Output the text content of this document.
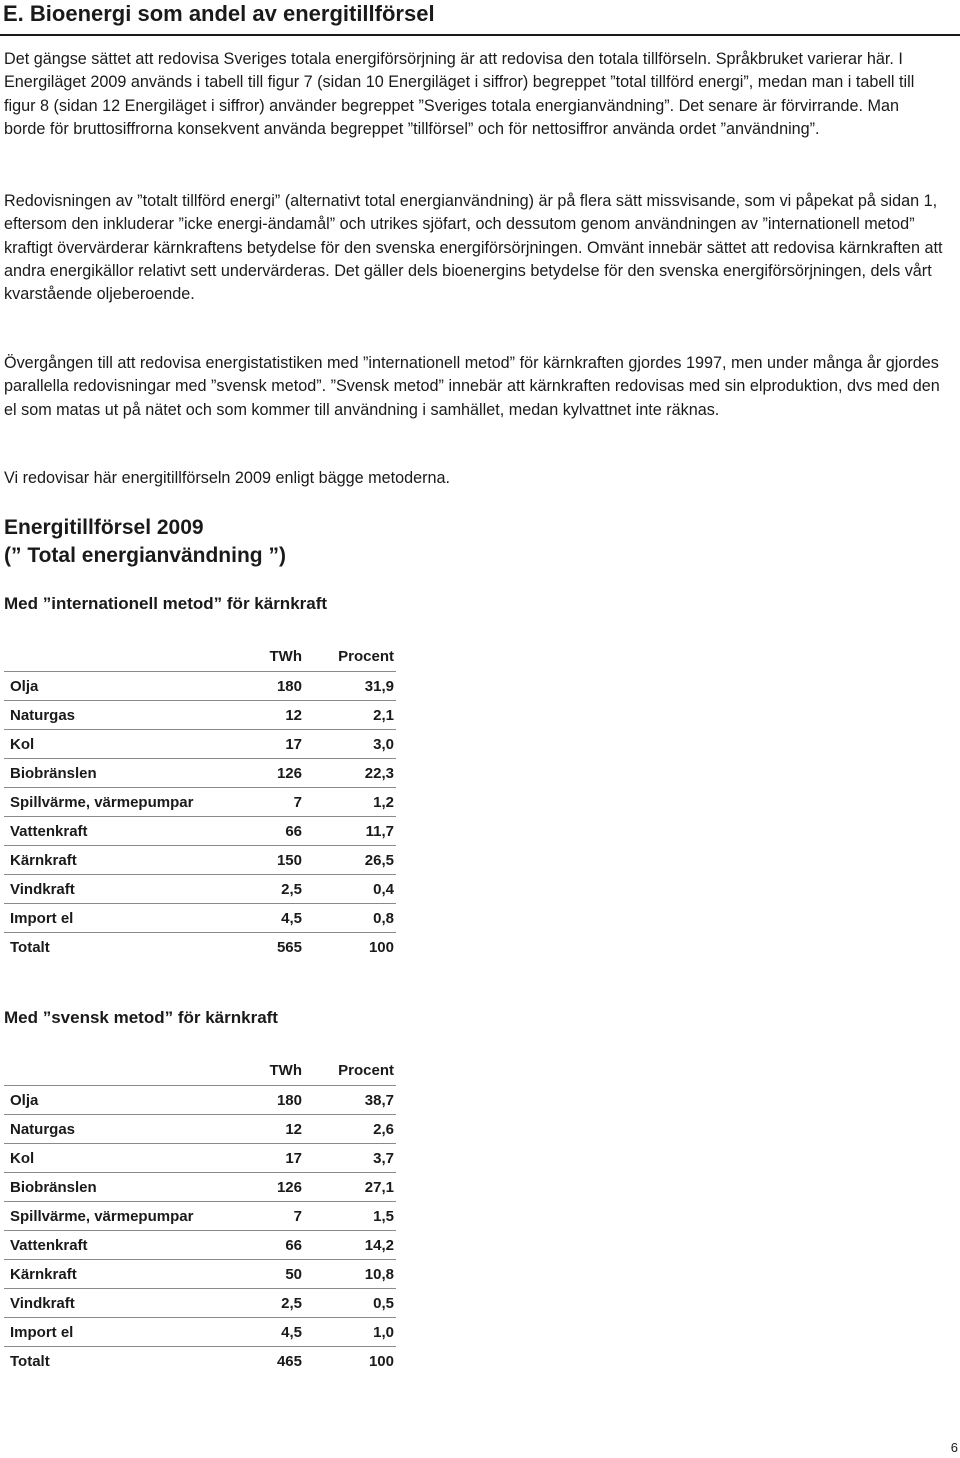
E. Bioenergi som andel av energitillförsel

Det gängse sättet att redovisa Sveriges totala energiförsörjning är att redovisa den totala tillförseln. Språkbruket varierar här. I Energiläget 2009 används i tabell till figur 7 (sidan 10 Energiläget i siffror) begreppet ”total tillförd energi”, medan man i tabell till figur 8 (sidan 12 Energiläget i siffror) använder begreppet ”Sveriges totala energianvändning”. Det senare är förvirrande. Man borde för bruttosiffrorna konsekvent använda begreppet ”tillförsel” och för nettosiffror använda ordet ”användning”.

Redovisningen av ”totalt tillförd energi” (alternativt total energianvändning) är på flera sätt missvisande, som vi påpekat på sidan 1, eftersom den inkluderar ”icke energi-ändamål” och utrikes sjöfart, och dessutom genom användningen av ”internationell metod” kraftigt övervärderar kärnkraftens betydelse för den svenska energiförsörjningen. Omvänt innebär sättet att redovisa kärnkraften att andra energikällor relativt sett undervärderas. Det gäller dels bioenergins betydelse för den svenska energiförsörjningen, dels vårt kvarstående oljeberoende.

Övergången till att redovisa energistatistiken med ”internationell metod” för kärnkraften gjordes 1997, men under många år gjordes parallella redovisningar med ”svensk metod”. ”Svensk metod” innebär att kärnkraften redovisas med sin elproduktion, dvs med den el som matas ut på nätet och som kommer till användning i samhället, medan kylvattnet inte räknas.

Vi redovisar här energitillförseln 2009 enligt bägge metoderna.

Energitillförsel 2009
(” Total energianvändning ”)
Med ”internationell metod” för kärnkraft
	TWh	Procent
Olja	180	31,9
Naturgas	12	2,1
Kol	17	3,0
Biobränslen	126	22,3
Spillvärme, värmepumpar	7	1,2
Vattenkraft	66	11,7
Kärnkraft	150	26,5
Vindkraft	2,5	0,4
Import el	4,5	0,8
Totalt	565	100
Med ”svensk metod” för kärnkraft
	TWh	Procent
Olja	180	38,7
Naturgas	12	2,6
Kol	17	3,7
Biobränslen	126	27,1
Spillvärme, värmepumpar	7	1,5
Vattenkraft	66	14,2
Kärnkraft	50	10,8
Vindkraft	2,5	0,5
Import el	4,5	1,0
Totalt	465	100
6
